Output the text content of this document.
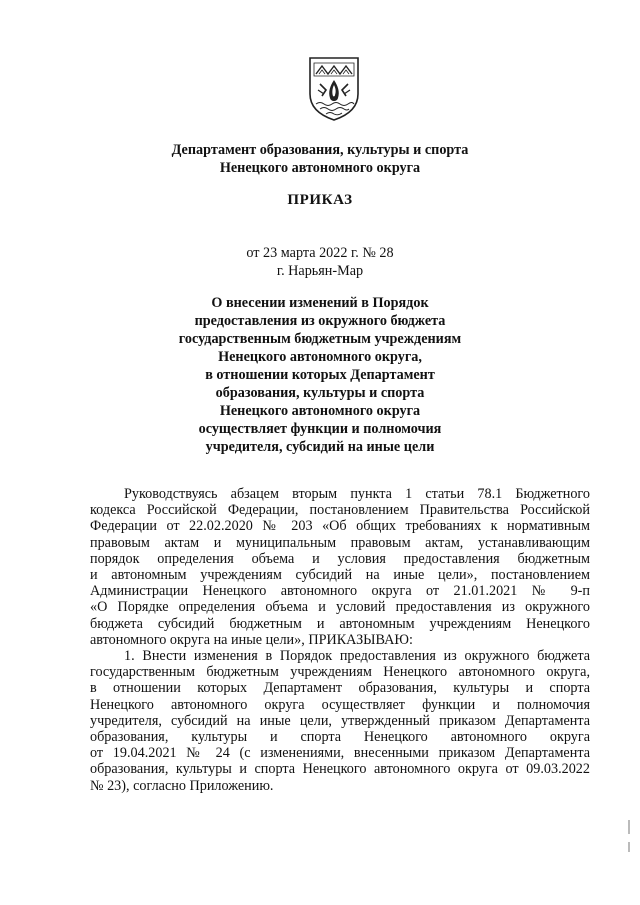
Департамент образования, культуры и спорта
Ненецкого автономного округа
ПРИКАЗ
от 23 марта 2022 г. № 28
г. Нарьян-Мар
О внесении изменений в Порядок
предоставления из окружного бюджета
государственным бюджетным учреждениям
Ненецкого автономного округа,
в отношении которых Департамент
образования, культуры и спорта
Ненецкого автономного округа
осуществляет функции и полномочия
учредителя, субсидий на иные цели
Руководствуясь абзацем вторым пункта 1 статьи 78.1 Бюджетного
кодекса Российской Федерации, постановлением Правительства Российской
Федерации от 22.02.2020 № 203 «Об общих требованиях к нормативным
правовым актам и муниципальным правовым актам, устанавливающим
порядок определения объема и условия предоставления бюджетным
и автономным учреждениям субсидий на иные цели», постановлением
Администрации Ненецкого автономного округа от 21.01.2021 № 9-п
«О Порядке определения объема и условий предоставления из окружного
бюджета субсидий бюджетным и автономным учреждениям Ненецкого
автономного округа на иные цели», ПРИКАЗЫВАЮ:
1. Внести изменения в Порядок предоставления из окружного бюджета
государственным бюджетным учреждениям Ненецкого автономного округа,
в отношении которых Департамент образования, культуры и спорта
Ненецкого автономного округа осуществляет функции и полномочия
учредителя, субсидий на иные цели, утвержденный приказом Департамента
образования, культуры и спорта Ненецкого автономного округа
от 19.04.2021 № 24 (с изменениями, внесенными приказом Департамента
образования, культуры и спорта Ненецкого автономного округа от 09.03.2022
№ 23), согласно Приложению.
